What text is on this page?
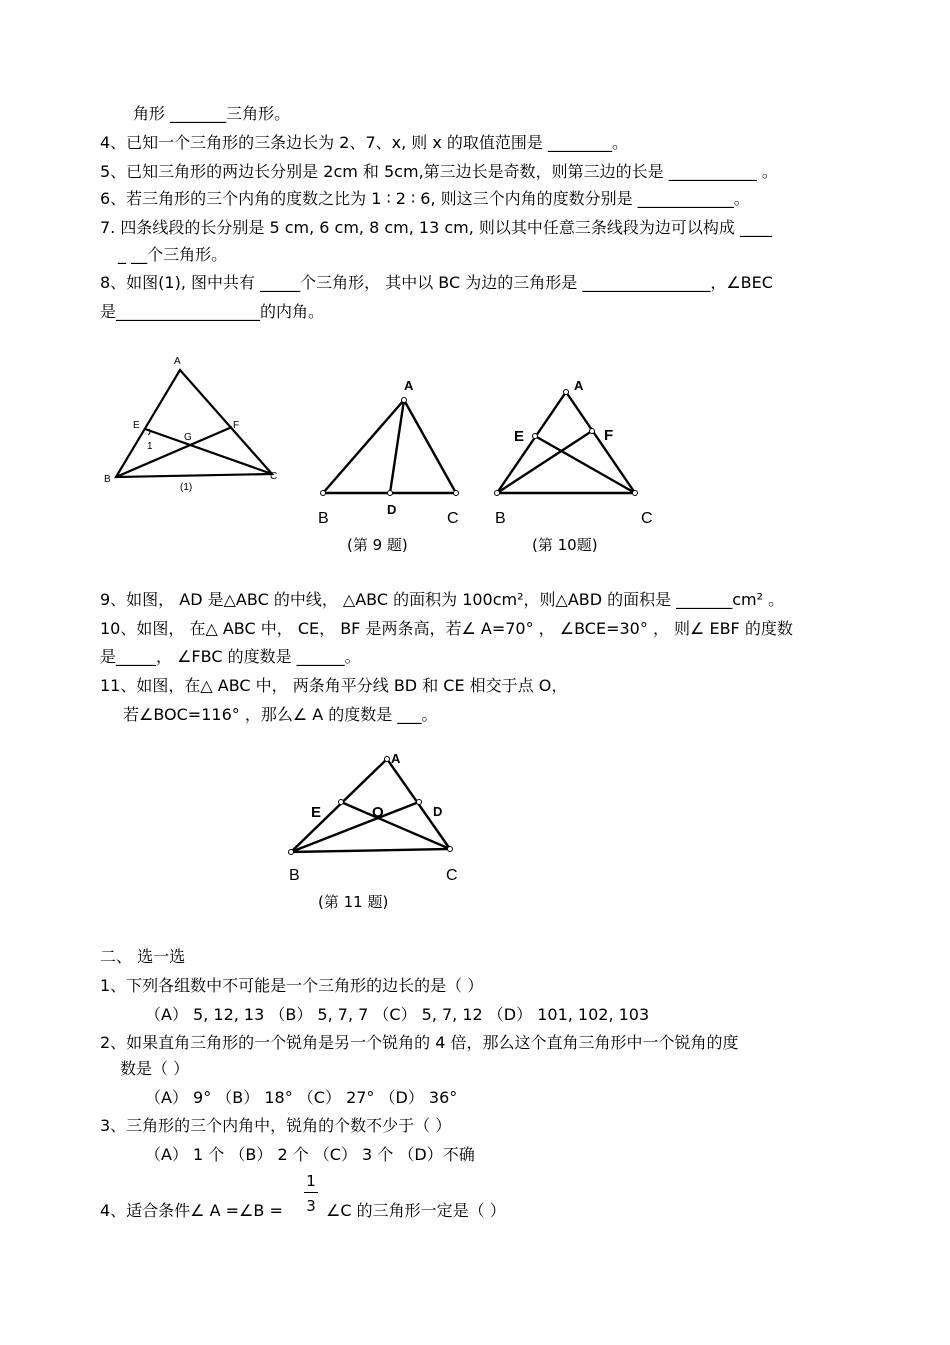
角形 _______三角形。
4、已知一个三角形的三条边长为 2、7、x, 则 x 的取值范围是 ________。
5、已知三角形的两边长分别是 2cm 和 5cm,第三边长是奇数，则第三边的长是 ___________ 。
6、若三角形的三个内角的度数之比为 1 ∶ 2 ∶ 6, 则这三个内角的度数分别是 ____________。
7. 四条线段的长分别是 5 cm, 6 cm, 8 cm, 13 cm, 则以其中任意三条线段为边可以构成 ____
_ __个三角形。
8、如图(1), 图中共有 _____个三角形， 其中以 BC 为边的三角形是 ________________，∠BEC
是__________________的内角。
A
B	C
E	F
G
1
(1)
A
D
B	C
(第 9 题)
A
E	F
B	C
(第 10题)
9、如图， AD 是△ABC 的中线， △ABC 的面积为 100cm²，则△ABD 的面积是 _______cm² 。
10、如图， 在△ ABC 中， CE， BF 是两条高，若∠ A=70° ， ∠BCE=30° ， 则∠ EBF 的度数
是_____， ∠FBC 的度数是 ______。
11、如图，在△ ABC 中， 两条角平分线 BD 和 CE 相交于点 O，
若∠BOC=116° ，那么∠ A 的度数是 ___。
A
D
E	O
B	C
(第 11 题)
二、 选一选
1、下列各组数中不可能是一个三角形的边长的是（ ）
（A） 5, 12, 13 （B） 5, 7, 7 （C） 5, 7, 12 （D） 101, 102, 103
2、如果直角三角形的一个锐角是另一个锐角的 4 倍，那么这个直角三角形中一个锐角的度
数是（ ）
（A） 9° （B） 18° （C） 27° （D） 36°
3、三角形的三个内角中，锐角的个数不少于（ ）
（A） 1 个 （B） 2 个 （C） 3 个 （D）不确
4、适合条件∠ A =∠B =
1
3 ∠C 的三角形一定是（ ）
